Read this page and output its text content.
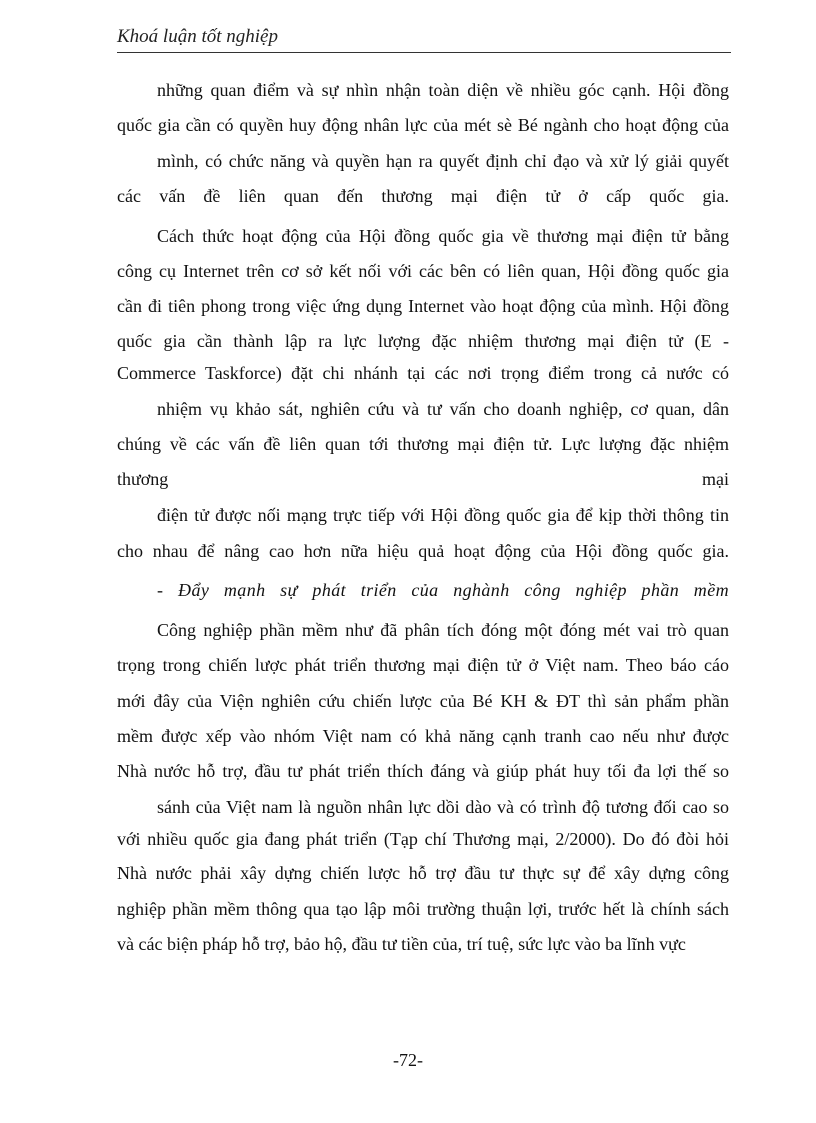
Khoá luận tốt nghiệp
những quan điểm và sự nhìn nhận toàn diện về nhiều góc cạnh. Hội đồng
quốc gia cần có quyền huy động nhân lực của mét sè Bé ngành cho hoạt động của
mình, có chức năng và quyền hạn ra quyết định chỉ đạo và xử lý giải quyết
các vấn đề liên quan đến thương mại điện tử ở cấp quốc gia.
Cách thức hoạt động của Hội đồng quốc gia về thương mại điện tử bằng
công cụ Internet trên cơ sở kết nối với các bên có liên quan, Hội đồng quốc gia
cần đi tiên phong trong việc ứng dụng Internet vào hoạt động của mình. Hội đồng
quốc gia cần thành lập ra lực lượng đặc nhiệm thương mại điện tử (E -
Commerce Taskforce) đặt chi nhánh tại các nơi trọng điểm trong cả nước có
nhiệm vụ khảo sát, nghiên cứu và tư vấn cho doanh nghiệp, cơ quan, dân
chúng về các vấn đề liên quan tới thương mại điện tử. Lực lượng đặc nhiệm
thương mại
điện tử được nối mạng trực tiếp với Hội đồng quốc gia để kịp thời thông tin
cho nhau để nâng cao hơn nữa hiệu quả hoạt động của Hội đồng quốc gia.
- Đẩy mạnh sự phát triển của nghành công nghiệp phần mềm
Công nghiệp phần mềm như đã phân tích đóng một đóng mét vai trò quan
trọng trong chiến lược phát triển thương mại điện tử ở Việt nam. Theo báo cáo
mới đây của Viện nghiên cứu chiến lược của Bé KH & ĐT thì sản phẩm phần
mềm được xếp vào nhóm Việt nam có khả năng cạnh tranh cao nếu như được
Nhà nước hỗ trợ, đầu tư phát triển thích đáng và giúp phát huy tối đa lợi thế so
sánh của Việt nam là nguồn nhân lực dồi dào và có trình độ tương đối cao so
với nhiều quốc gia đang phát triển (Tạp chí Thương mại, 2/2000). Do đó đòi hỏi
Nhà nước phải xây dựng chiến lược hỗ trợ đầu tư thực sự để xây dựng công
nghiệp phần mềm thông qua tạo lập môi trường thuận lợi, trước hết là chính sách
và các biện pháp hỗ trợ, bảo hộ, đầu tư tiền của, trí tuệ, sức lực vào ba lĩnh vực
-72-
